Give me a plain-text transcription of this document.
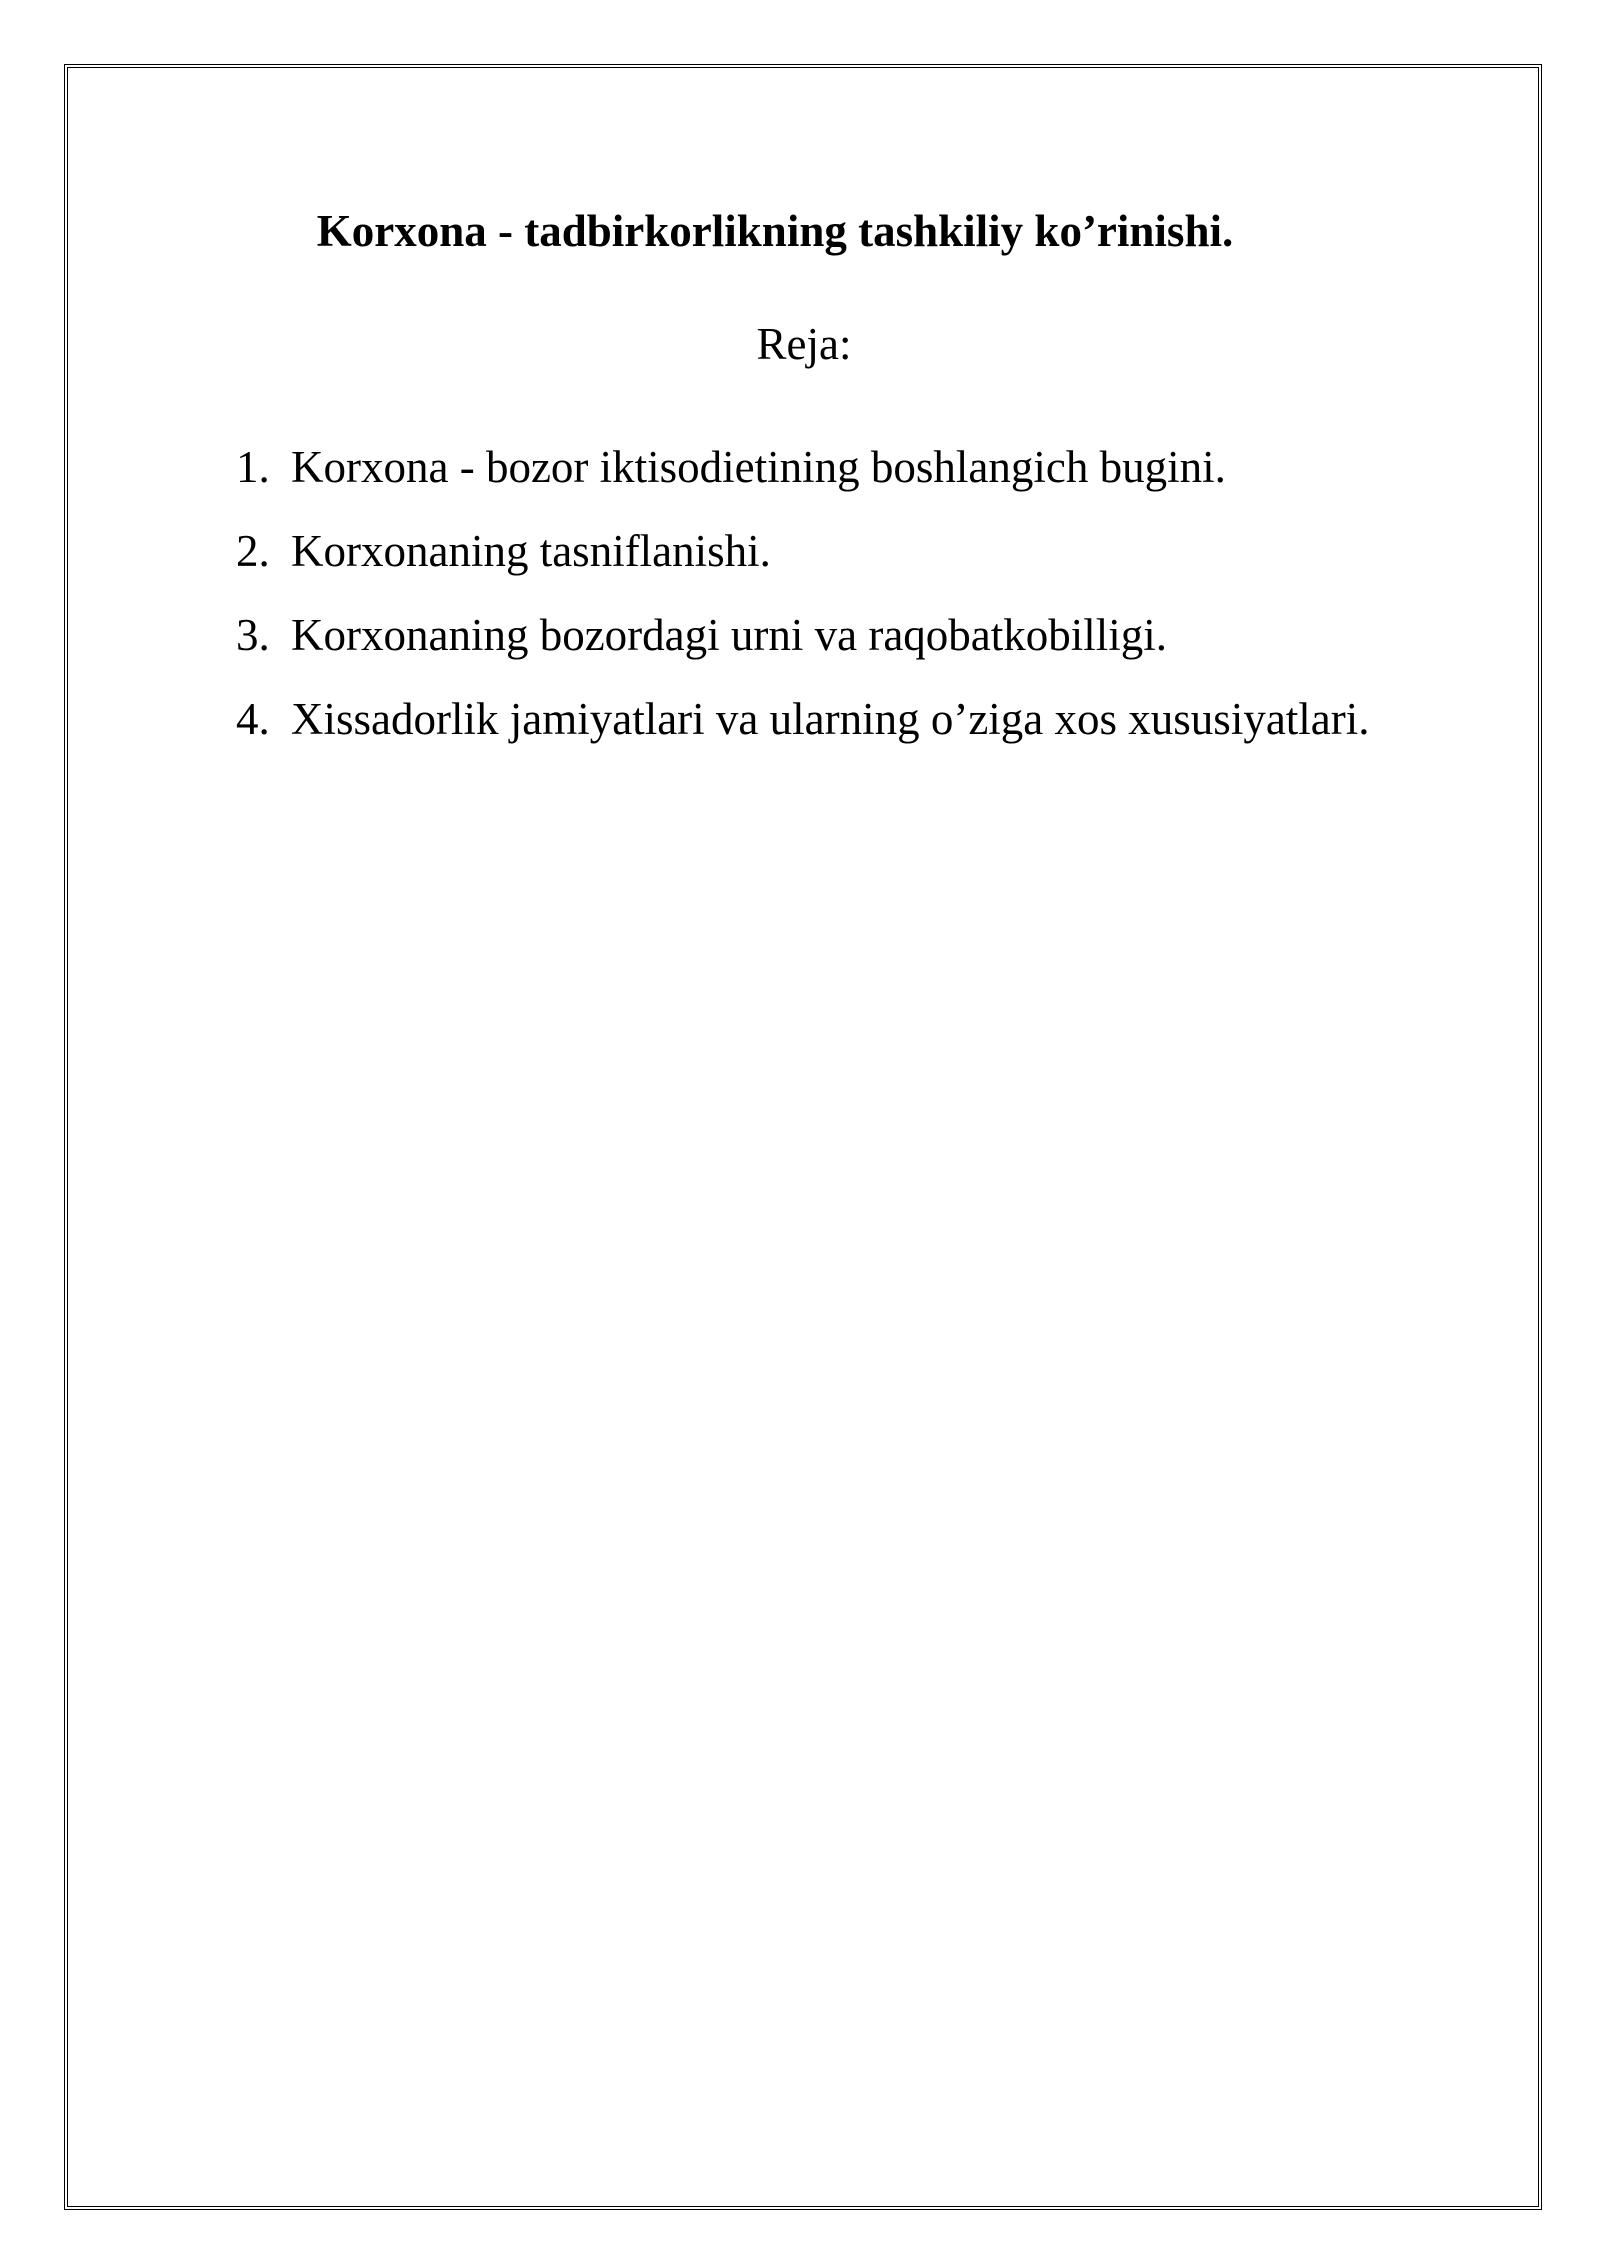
Korxona - tadbirkorlikning tashkiliy ko’rinishi.
Reja:
1. Korxona - bozor iktisodietining boshlangich bugini.
2. Korxonaning tasniflanishi.
3. Korxonaning bozordagi urni va raqobatkobilligi.
4. Xissadorlik jamiyatlari va ularning o’ziga xos xususiyatlari.
